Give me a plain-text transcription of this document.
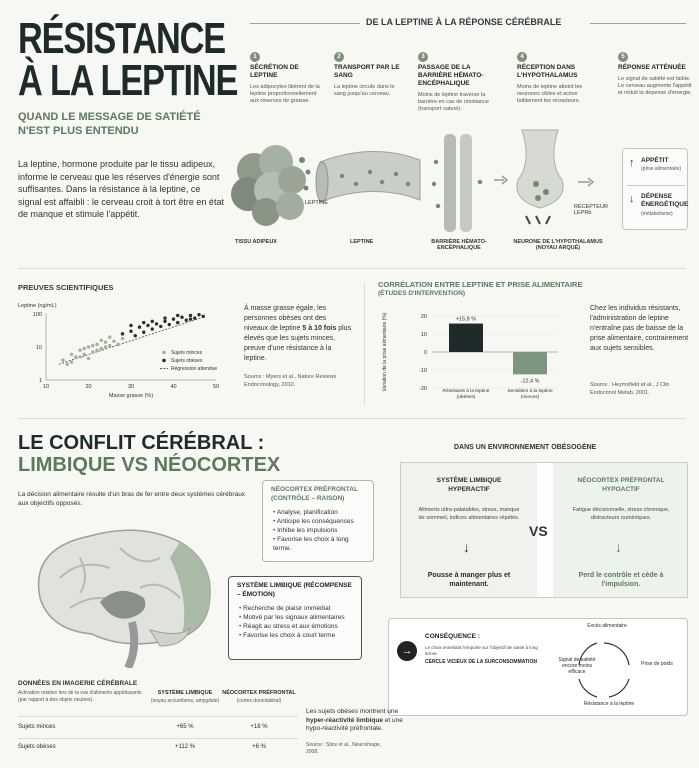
RÉSISTANCE
À LA LEPTINE
QUAND LE MESSAGE DE SATIÉTÉ
N'EST PLUS ENTENDU
La leptine, hormone produite par le tissu adipeux, informe le cerveau que les réserves d'énergie sont suffisantes. Dans la résistance à la leptine, ce signal est affaibli : le cerveau croit à tort être en état de manque et stimule l'appétit.
DE LA LEPTINE À LA RÉPONSE CÉRÉBRALE
1
SÉCRÉTION DE LEPTINE
Les adipocytes libèrent de la leptine proportionnellement aux réserves de graisse.
2
TRANSPORT PAR LE SANG
La leptine circule dans le sang jusqu'au cerveau.
3
PASSAGE DE LA BARRIÈRE HÉMATO-ENCÉPHALIQUE
Moins de leptine traverse la barrière en cas de résistance (transport saturé).
4
RÉCEPTION DANS L'HYPOTHALAMUS
Moins de leptine atteint les neurones cibles et active faiblement les récepteurs.
5
RÉPONSE ATTÉNUÉE
Le signal de satiété est faible. Le cerveau augmente l'appétit et réduit la dépense d'énergie.
LEPTINE
TISSU ADIPEUX	LEPTINE	BARRIÈRE HÉMATO-ENCÉPHALIQUE
NEURONE DE L'HYPOTHALAMUS (NOYAU ARQUÉ)
RÉCEPTEUR LEPRb
↑ APPÉTIT
(prise alimentaire)
↓ DÉPENSE ÉNERGÉTIQUE
(métabolisme)
PREUVES SCIENTIFIQUES
Leptine (ng/mL)
100
10
1
10	20	30	40	50
Masse grasse (%)
Sujets minces
Sujets obèses
Régression attendue
À masse grasse égale, les personnes obèses ont des niveaux de leptine 5 à 10 fois plus élevés que les sujets minces, preuve d'une résistance à la leptine.
Source : Myers et al., Nature Reviews Endocrinology, 2010.
CORRÉLATION ENTRE LEPTINE ET PRISE ALIMENTAIRE
(ÉTUDES D'INTERVENTION)
Variation de la prise alimentaire (%)	20
10
0
-10
-20
+15,8 %
-12,4 %
Résistants à la leptine (obèses)
Sensibles à la leptine (minces)
Chez les individus résistants, l'administration de leptine n'entraîne pas de baisse de la prise alimentaire, contrairement aux sujets sensibles.
Source : Heymsfield et al., J Clin Endocrinol Metab, 2001.
LE CONFLIT CÉRÉBRAL :
LIMBIQUE VS NÉOCORTEX
La décision alimentaire résulte d'un bras de fer entre deux systèmes cérébraux aux objectifs opposés.
NÉOCORTEX PRÉFRONTAL (CONTRÔLE – RAISON)
• Analyse, planification
• Anticipe les conséquences
• Inhibe les impulsions
• Favorise les choix à long terme.
SYSTÈME LIMBIQUE (RÉCOMPENSE – ÉMOTION)
• Recherche de plaisir immédiat
• Motivé par les signaux alimentaires
• Réagit au stress et aux émotions
• Favorise les choix à court terme
DANS UN ENVIRONNEMENT OBÉSOGÈNE
SYSTÈME LIMBIQUE HYPERACTIF
Aliments ultra-palatables, stress, manque de sommeil, indices alimentaires répétés.
↓
Pousse à manger plus et maintenant.
VS
NÉOCORTEX PRÉFRONTAL HYPOACTIF
Fatigue décisionnelle, stress chronique, distracteurs numériques.
↓
Perd le contrôle et cède à l'impulsion.
→
CONSÉQUENCE :
Le choix immédiat l'emporte sur l'objectif de santé à long terme.
CERCLE VICIEUX DE LA SURCONSOMMATION
Excès alimentaire
Prise de poids
Résistance à la leptine
Signal de satiété encore moins efficace
DONNÉES EN IMAGERIE CÉRÉBRALE
Activation relative lors de la vue d'aliments appétissants (par rapport à des objets neutres).
SYSTÈME LIMBIQUE
(noyau accumbens, amygdale)
NÉOCORTEX PRÉFRONTAL
(cortex dorsolatéral)
Sujets minces	+65 %	+18 %
Sujets obèses	+112 %	+6 %
Les sujets obèses montrent une hyper-réactivité limbique et une hypo-réactivité préfrontale.
Source : Stice et al., NeuroImage, 2008.
